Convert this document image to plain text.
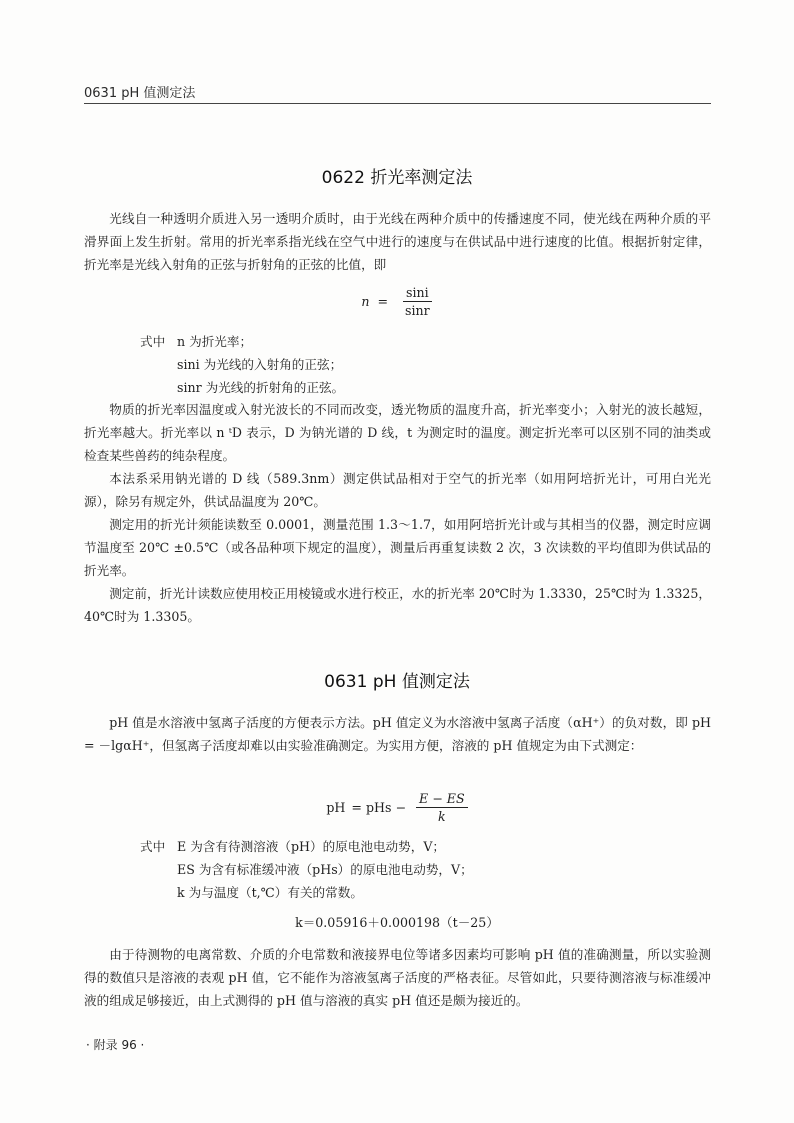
0631 pH 值测定法
0622 折光率测定法

光线自一种透明介质进入另一透明介质时，由于光线在两种介质中的传播速度不同，使光线在两种介质的平滑界面上发生折射。常用的折光率系指光线在空气中进行的速度与在供试品中进行速度的比值。根据折射定律，折光率是光线入射角的正弦与折射角的正弦的比值，即

$n = \frac{\sin i}{\sin r}$
式中 n 为折光率；
sini 为光线的入射角的正弦；
sinr 为光线的折射角的正弦。

物质的折光率因温度或入射光波长的不同而改变，透光物质的温度升高，折光率变小；入射光的波长越短，折光率越大。折光率以 n ᵗD 表示，D 为钠光谱的 D 线，t 为测定时的温度。测定折光率可以区别不同的油类或检查某些兽药的纯杂程度。

本法系采用钠光谱的 D 线（589.3nm）测定供试品相对于空气的折光率（如用阿培折光计，可用白光光源），除另有规定外，供试品温度为 20℃。

测定用的折光计须能读数至 0.0001，测量范围 1.3～1.7，如用阿培折光计或与其相当的仪器，测定时应调节温度至 20℃ ±0.5℃（或各品种项下规定的温度），测量后再重复读数 2 次，3 次读数的平均值即为供试品的折光率。

测定前，折光计读数应使用校正用棱镜或水进行校正，水的折光率 20℃时为 1.3330，25℃时为 1.3325，40℃时为 1.3305。

0631 pH 值测定法

pH 值是水溶液中氢离子活度的方便表示方法。pH 值定义为水溶液中氢离子活度（αH⁺）的负对数，即 pH = －lgαH⁺，但氢离子活度却难以由实验准确测定。为实用方便，溶液的 pH 值规定为由下式测定：

pH = pHs − $\frac{E - ES}{k}$
式中 E 为含有待测溶液（pH）的原电池电动势，V；
ES 为含有标准缓冲液（pHs）的原电池电动势，V；
k 为与温度（t,℃）有关的常数。
k＝0.05916＋0.000198（t－25）

由于待测物的电离常数、介质的介电常数和液接界电位等诸多因素均可影响 pH 值的准确测量，所以实验测得的数值只是溶液的表观 pH 值，它不能作为溶液氢离子活度的严格表征。尽管如此，只要待测溶液与标准缓冲液的组成足够接近，由上式测得的 pH 值与溶液的真实 pH 值还是颇为接近的。

· 附录 96 ·
